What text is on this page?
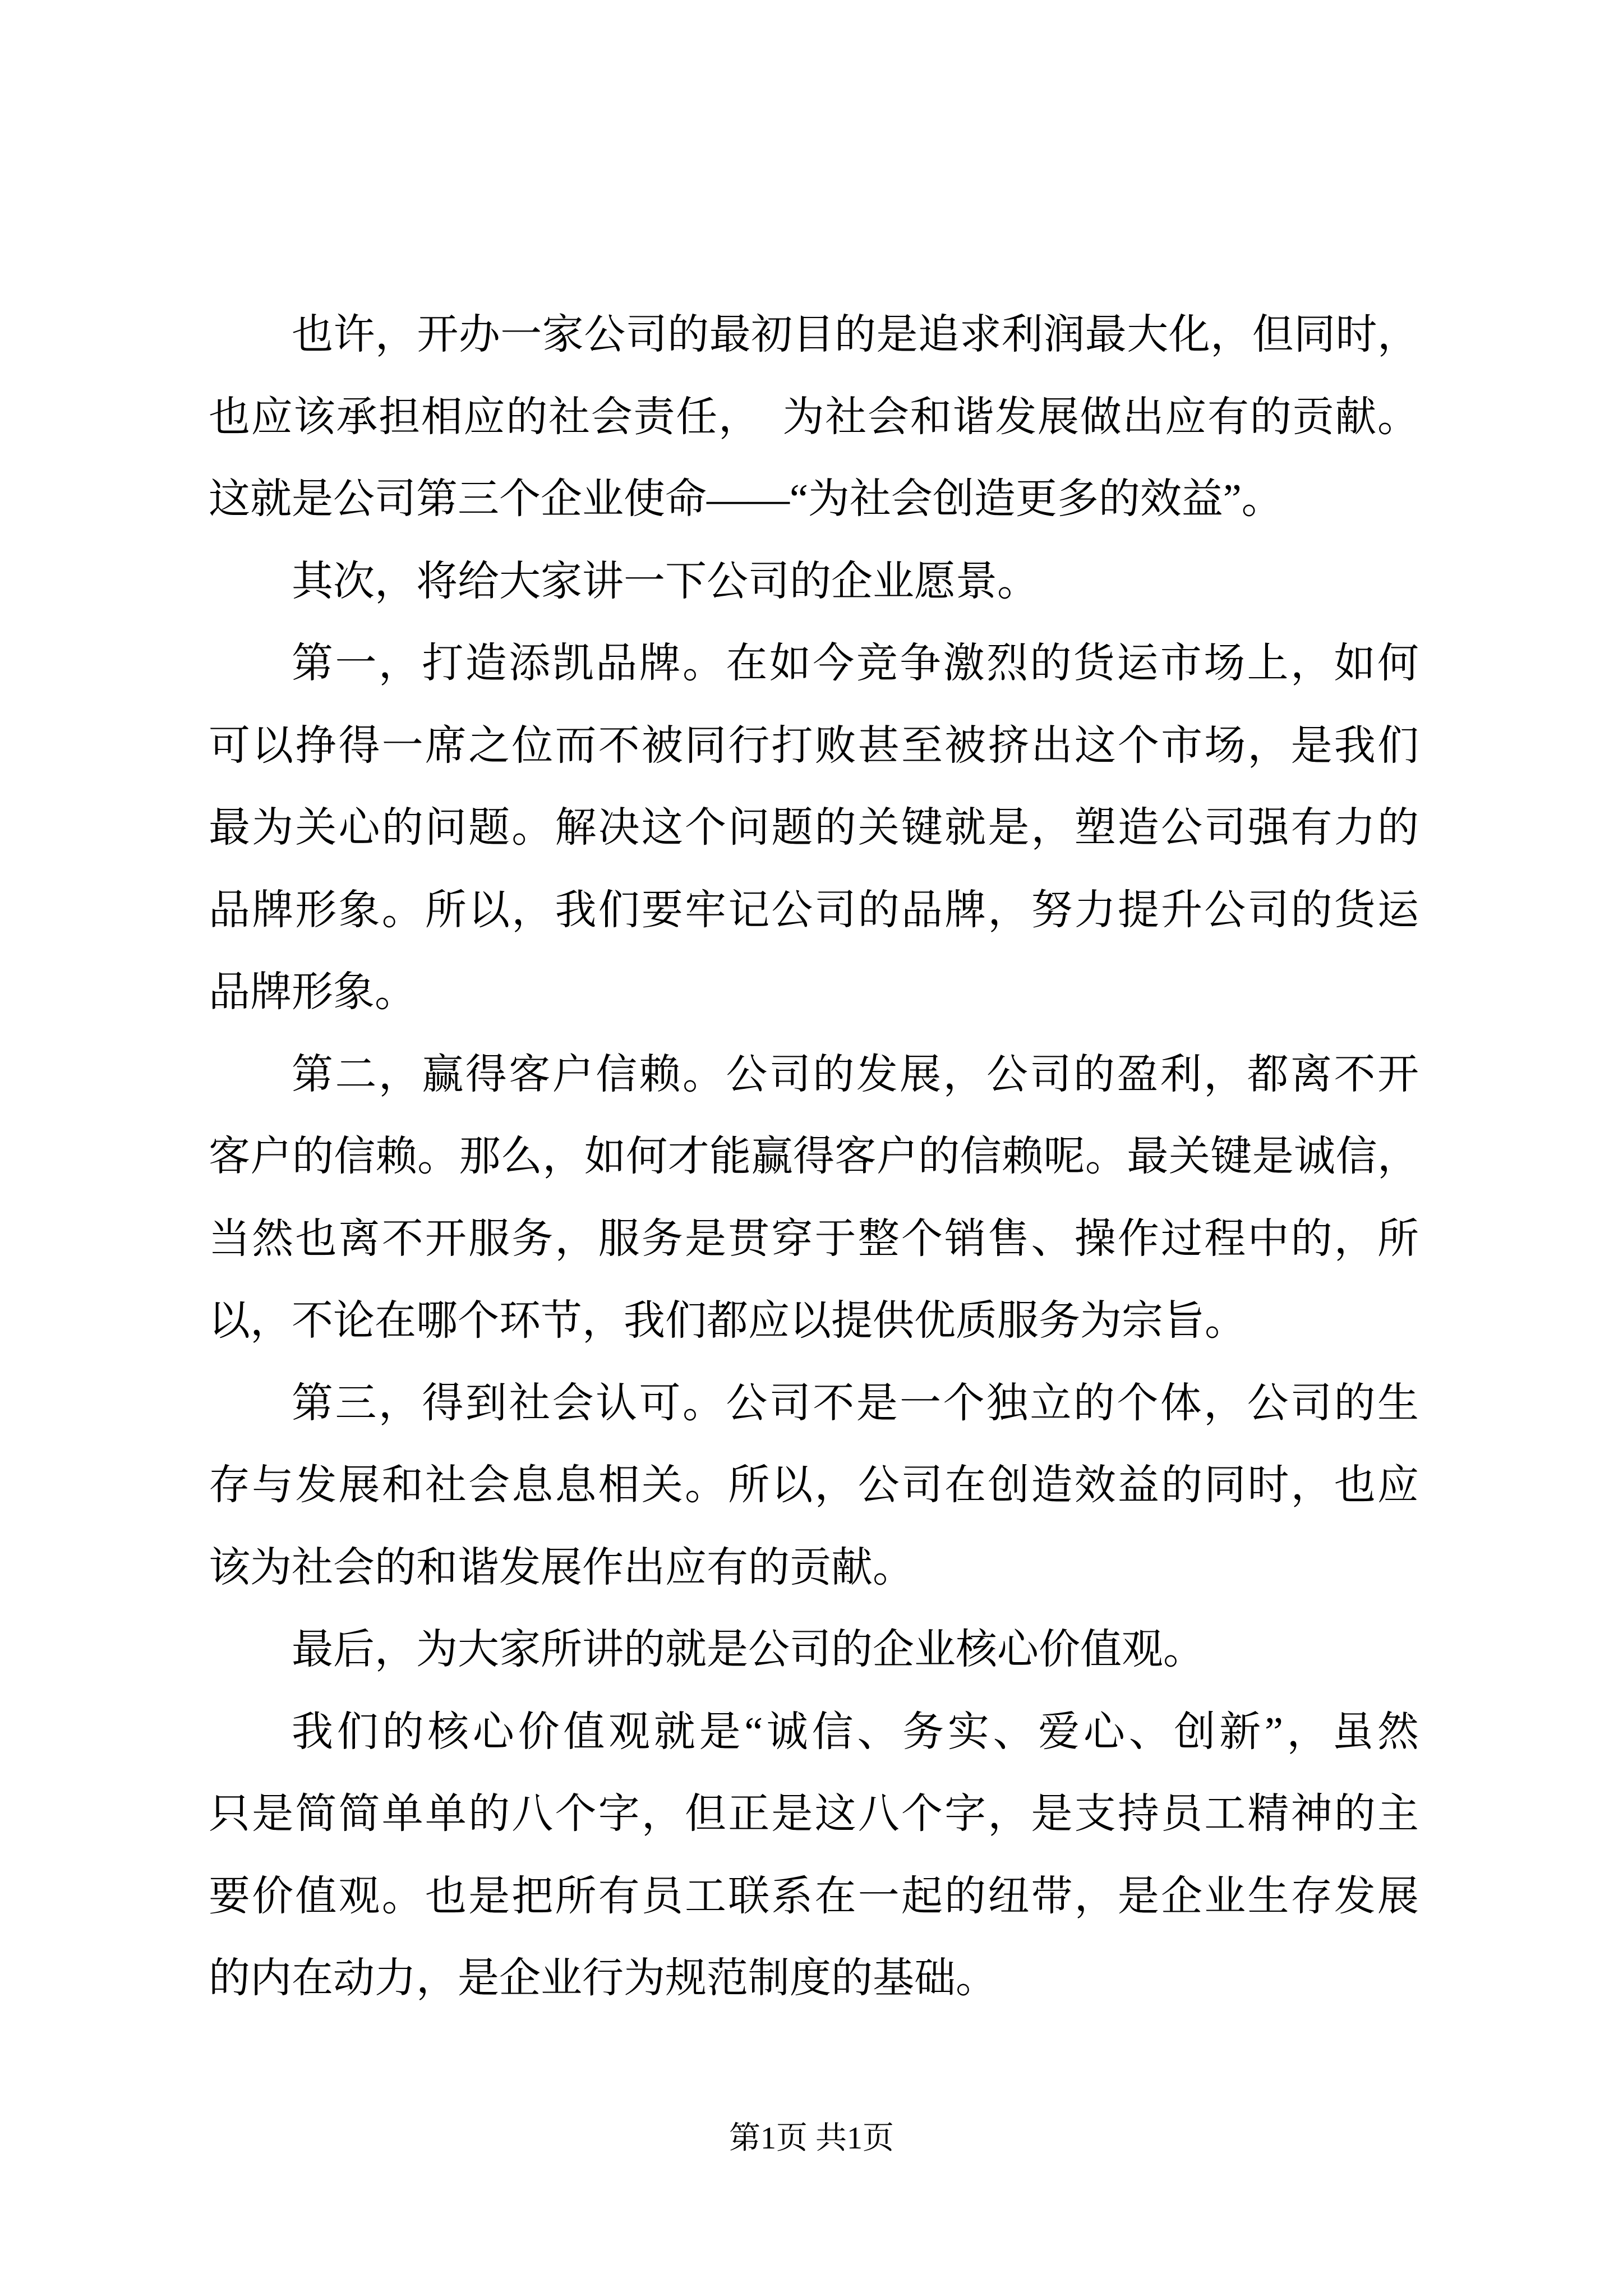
也许，开办一家公司的最初目的是追求利润最大化，但同时，
也应该承担相应的社会责任，　为社会和谐发展做出应有的贡献。
这就是公司第三个企业使命——“为社会创造更多的效益”。
其次，将给大家讲一下公司的企业愿景。
第一，打造添凯品牌。在如今竞争激烈的货运市场上，如何
可以挣得一席之位而不被同行打败甚至被挤出这个市场，是我们
最为关心的问题。解决这个问题的关键就是，塑造公司强有力的
品牌形象。所以，我们要牢记公司的品牌，努力提升公司的货运
品牌形象。
第二，赢得客户信赖。公司的发展，公司的盈利，都离不开
客户的信赖。那么，如何才能赢得客户的信赖呢。最关键是诚信，
当然也离不开服务，服务是贯穿于整个销售、操作过程中的，所
以，不论在哪个环节，我们都应以提供优质服务为宗旨。
第三，得到社会认可。公司不是一个独立的个体，公司的生
存与发展和社会息息相关。所以，公司在创造效益的同时，也应
该为社会的和谐发展作出应有的贡献。
最后，为大家所讲的就是公司的企业核心价值观。
我们的核心价值观就是“诚信、务实、爱心、创新”，虽然
只是简简单单的八个字，但正是这八个字，是支持员工精神的主
要价值观。也是把所有员工联系在一起的纽带，是企业生存发展
的内在动力，是企业行为规范制度的基础。
第1页 共1页
